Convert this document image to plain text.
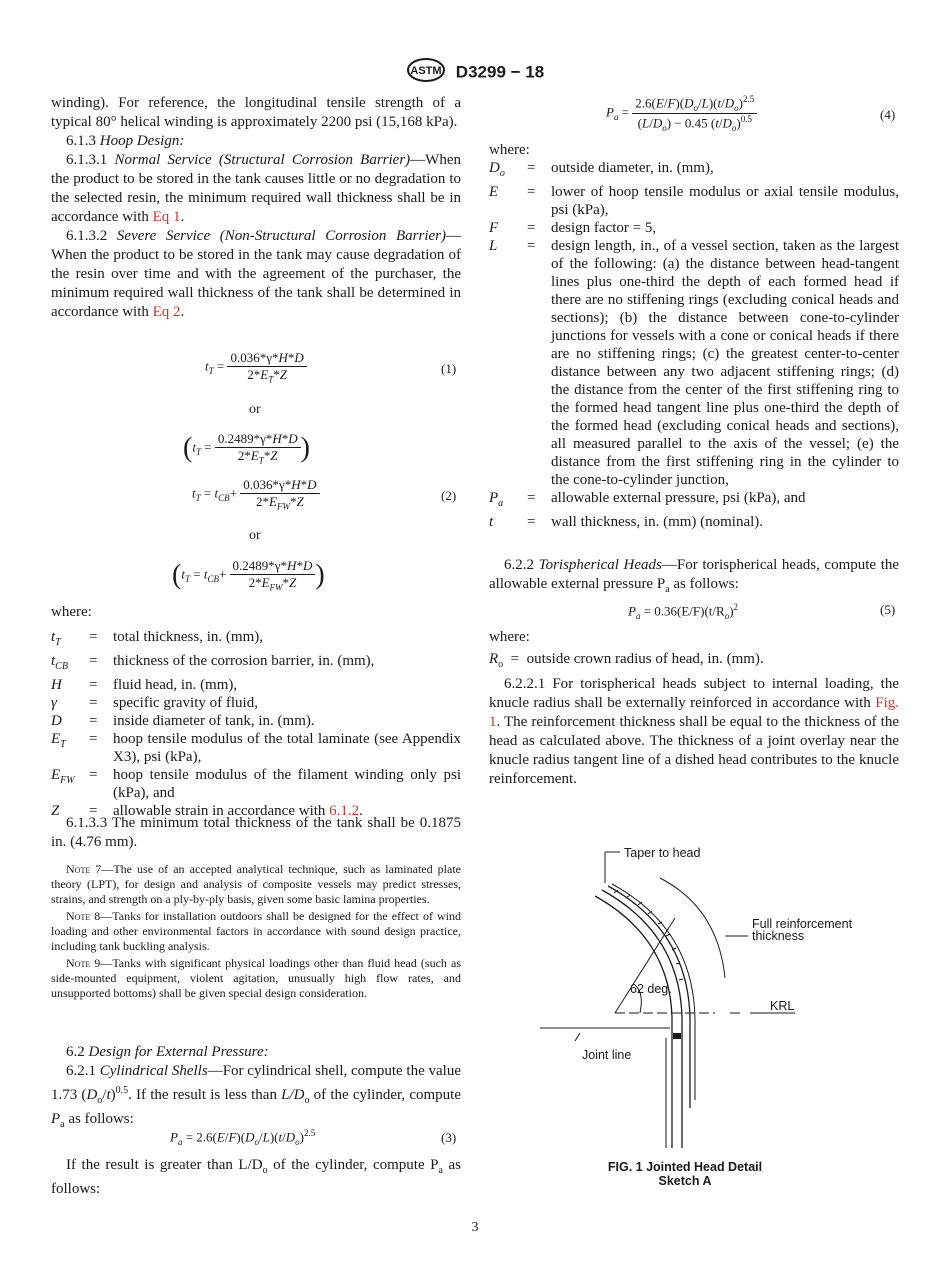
ASTM D3299 − 18

winding). For reference, the longitudinal tensile strength of a typical 80° helical winding is approximately 2200 psi (15,168 kPa).

6.1.3 Hoop Design:

6.1.3.1 Normal Service (Structural Corrosion Barrier)—When the product to be stored in the tank causes little or no degradation to the selected resin, the minimum required wall thickness shall be in accordance with Eq 1.

6.1.3.2 Severe Service (Non-Structural Corrosion Barrier)—When the product to be stored in the tank may cause degradation of the resin over time and with the agreement of the purchaser, the minimum required wall thickness of the tank shall be determined in accordance with Eq 2.

$t_T = \frac{0.036*\gamma*H*D}{2*E_T*Z}$	(1)
or
($t_T = \frac{0.2489*\gamma*H*D}{2*E_T*Z}$ )
$t_T = t_{CB}+ \frac{0.036*\gamma*H*D}{2*E_{FW}*Z}$	(2)
or
($t_T = t_{CB}+ \frac{0.2489*\gamma*H*D}{2*E_{FW}*Z}$ )
where:
$t_T$	=	total thickness, in. (mm),
$t_{CB}$	=	thickness of the corrosion barrier, in. (mm),
H	=	fluid head, in. (mm),
γ	=	specific gravity of fluid,
D	=	inside diameter of tank, in. (mm).
$E_T$	=	hoop tensile modulus of the total laminate (see Appendix X3), psi (kPa),
$E_{FW}$	=	hoop tensile modulus of the filament winding only psi (kPa), and
Z	=	allowable strain in accordance with 6.1.2.

6.1.3.3 The minimum total thickness of the tank shall be 0.1875 in. (4.76 mm).

Note 7—The use of an accepted analytical technique, such as laminated plate theory (LPT), for design and analysis of composite vessels may predict stresses, strains, and strength on a ply-by-ply basis, given some basic lamina properties.

Note 8—Tanks for installation outdoors shall be designed for the effect of wind loading and other environmental factors in accordance with sound design practice, including tank buckling analysis.

Note 9—Tanks with significant physical loadings other than fluid head (such as side-mounted equipment, violent agitation, unusually high flow rates, and unsupported bottoms) shall be given special design consideration.

6.2 Design for External Pressure:

6.2.1 Cylindrical Shells—For cylindrical shell, compute the value 1.73 $(D_o/t)^{0.5}$. If the result is less than $L/D_o$ of the cylinder, compute $P_a$ as follows:

$P_a = 2.6(E/F)(D_o/L)(t/D_o)^{2.5}$	(3)

If the result is greater than $L/D_o$ of the cylinder, compute $P_a$ as follows:

$P_a = \frac{2.6(E/F)(D_o/L)(t/D_o)^{2.5}}{(L/D_o) - 0.45 (t/D_o)^{0.5}}$	(4)
where:
$D_o$	=	outside diameter, in. (mm),
E	=	lower of hoop tensile modulus or axial tensile modulus, psi (kPa),
F	=	design factor = 5,
L	=	design length, in., of a vessel section, taken as the largest of the following: (a) the distance between head-tangent lines plus one-third the depth of each formed head if there are no stiffening rings (excluding conical heads and sections); (b) the distance between cone-to-cylinder junctions for vessels with a cone or conical heads if there are no stiffening rings; (c) the greatest center-to-center distance between any two adjacent stiffening rings; (d) the distance from the center of the first stiffening ring to the formed head tangent line plus one-third the depth of the formed head (excluding conical heads and sections), all measured parallel to the axis of the vessel; (e) the distance from the first stiffening ring in the cylinder to the cone-to-cylinder junction,
$P_a$	=	allowable external pressure, psi (kPa), and
t	=	wall thickness, in. (mm) (nominal).

6.2.2 Torispherical Heads—For torispherical heads, compute the allowable external pressure $P_a$ as follows:

$P_a = 0.36(E/F)(t/R_o)^2$	(5)

where:

$R_o$  =  outside crown radius of head, in. (mm).

6.2.2.1 For torispherical heads subject to internal loading, the knucle radius shall be externally reinforced in accordance with Fig. 1. The reinforcement thickness shall be equal to the thickness of the head as calculated above. The thickness of a joint overlay near the knucle radius tangent line of a dished head contributes to the knucle reinforcement.

Taper to head
Full reinforcement
thickness
62 deg.
KRL
Joint line
FIG. 1 Jointed Head Detail
Sketch A
3
